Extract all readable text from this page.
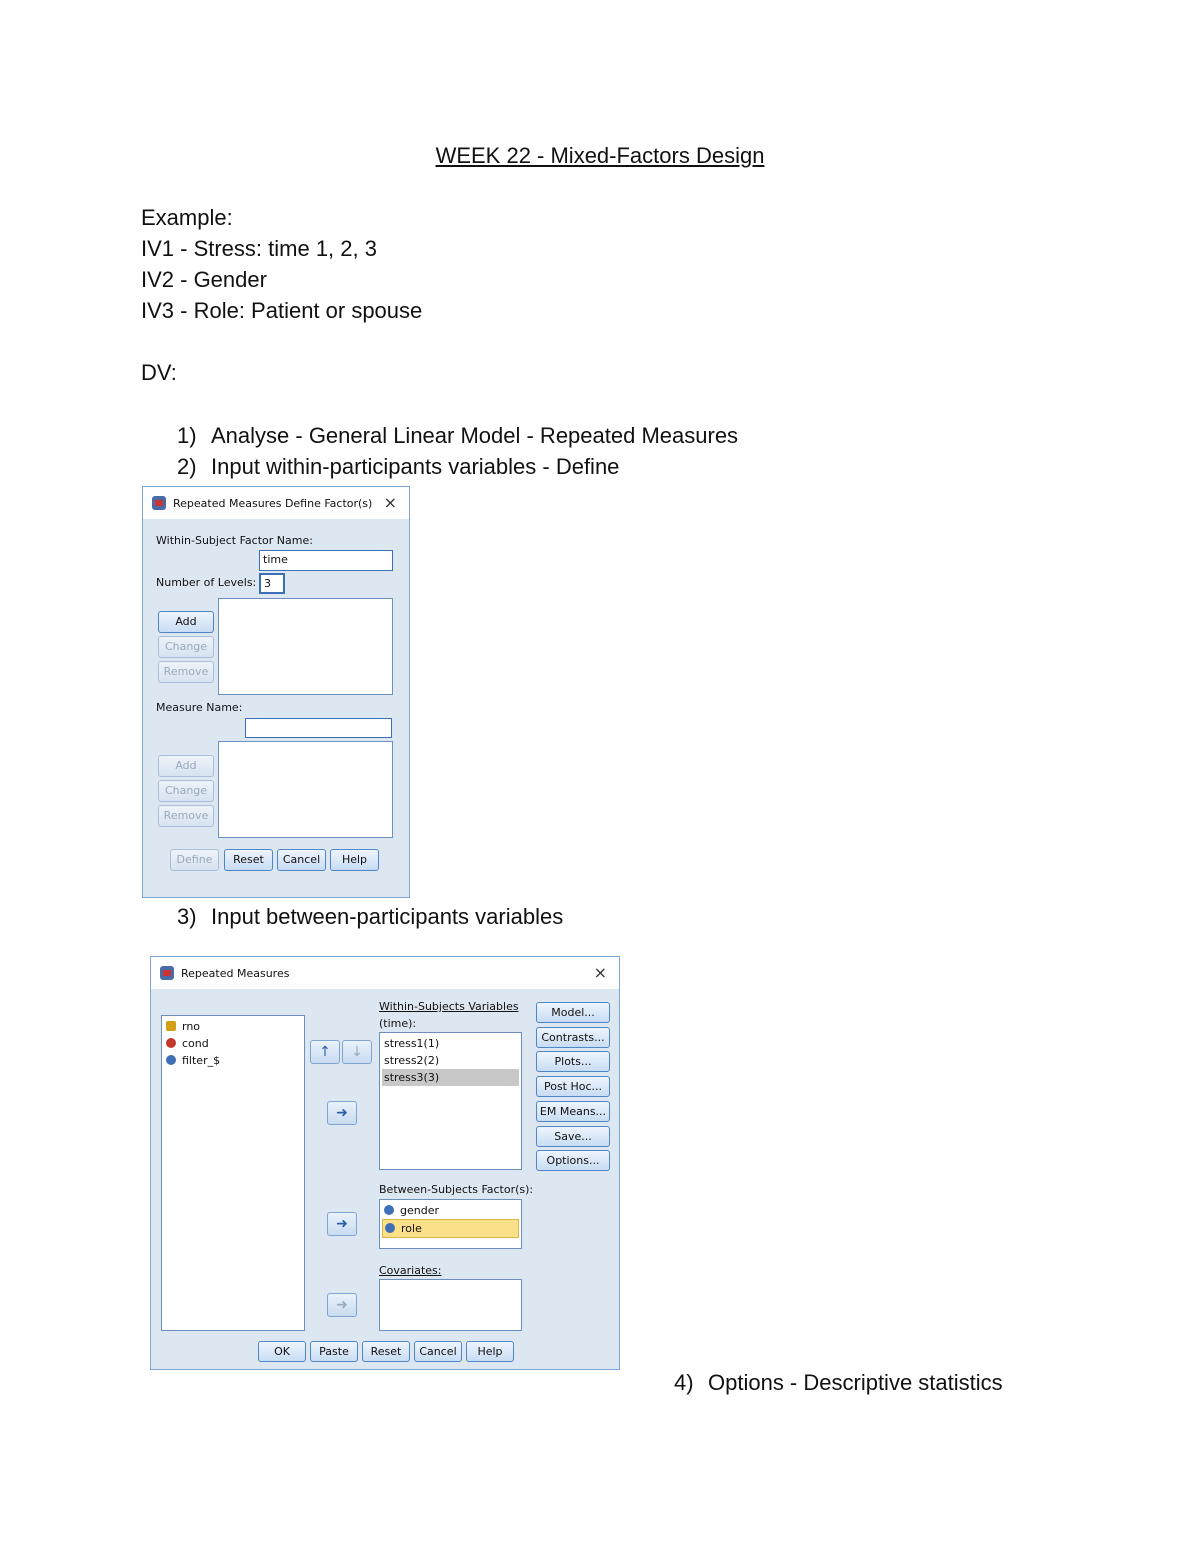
WEEK 22 - Mixed-Factors Design
Example:
IV1 - Stress: time 1, 2, 3
IV2 - Gender
IV3 - Role: Patient or spouse
DV:
1) Analyse - General Linear Model - Repeated Measures
2) Input within-participants variables - Define
3) Input between-participants variables
4) Options - Descriptive statistics
Repeated Measures Define Factor(s) ×
Within-Subject Factor Name:
time
Number of Levels: 3
Add
Change
Remove
Measure Name:
Add
Change
Remove
Define	Reset	Cancel	Help
Repeated Measures	×
rno
cond
filter_$
↑	↓
➜
➜
➜
Within-Subjects Variables
(time):
stress1(1)
stress2(2)
stress3(3)
Between-Subjects Factor(s):
gender
role
Covariates:
Model...
Contrasts...
Plots...
Post Hoc...
EM Means...
Save...
Options...
OK	Paste	Reset	Cancel	Help
